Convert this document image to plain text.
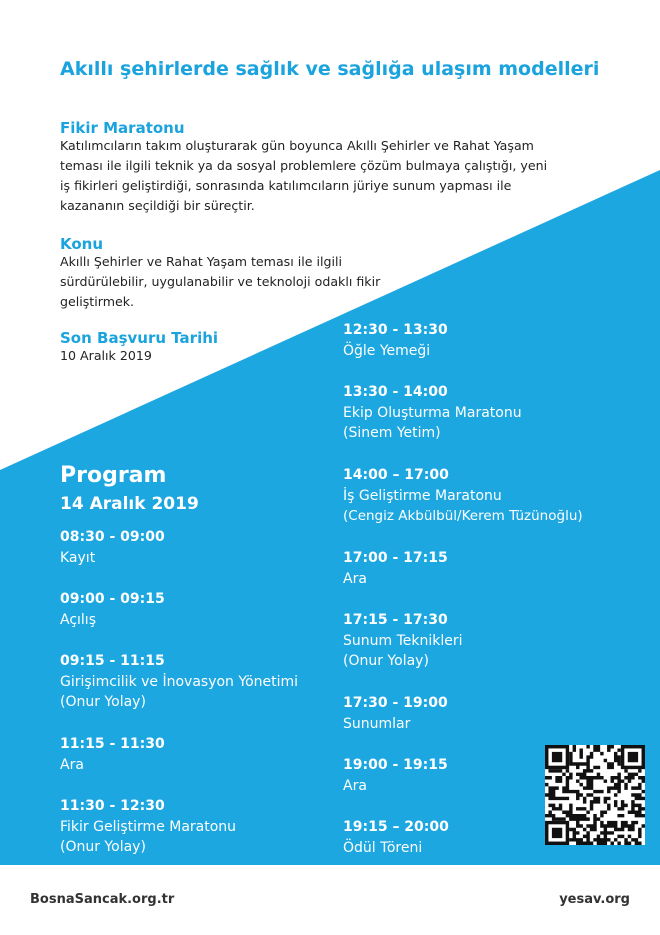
Akıllı şehirlerde sağlık ve sağlığa ulaşım modelleri
Fikir Maratonu
Katılımcıların takım oluşturarak gün boyunca Akıllı Şehirler ve Rahat Yaşam
teması ile ilgili teknik ya da sosyal problemlere çözüm bulmaya çalıştığı, yeni
iş fikirleri geliştirdiği, sonrasında katılımcıların jüriye sunum yapması ile
kazananın seçildiği bir süreçtir.
Konu
Akıllı Şehirler ve Rahat Yaşam teması ile ilgili
sürdürülebilir, uygulanabilir ve teknoloji odaklı fikir
geliştirmek.
Son Başvuru Tarihi
10 Aralık 2019
Program
14 Aralık 2019
08:30 - 09:00
Kayıt
09:00 - 09:15
Açılış
09:15 - 11:15
Girişimcilik ve İnovasyon Yönetimi
(Onur Yolay)
11:15 - 11:30
Ara
11:30 - 12:30
Fikir Geliştirme Maratonu
(Onur Yolay)
12:30 - 13:30
Öğle Yemeği
13:30 - 14:00
Ekip Oluşturma Maratonu
(Sinem Yetim)
14:00 – 17:00
İş Geliştirme Maratonu
(Cengiz Akbülbül/Kerem Tüzünoğlu)
17:00 - 17:15
Ara
17:15 - 17:30
Sunum Teknikleri
(Onur Yolay)
17:30 - 19:00
Sunumlar
19:00 - 19:15
Ara
19:15 – 20:00
Ödül Töreni
BosnaSancak.org.tr	yesav.org
